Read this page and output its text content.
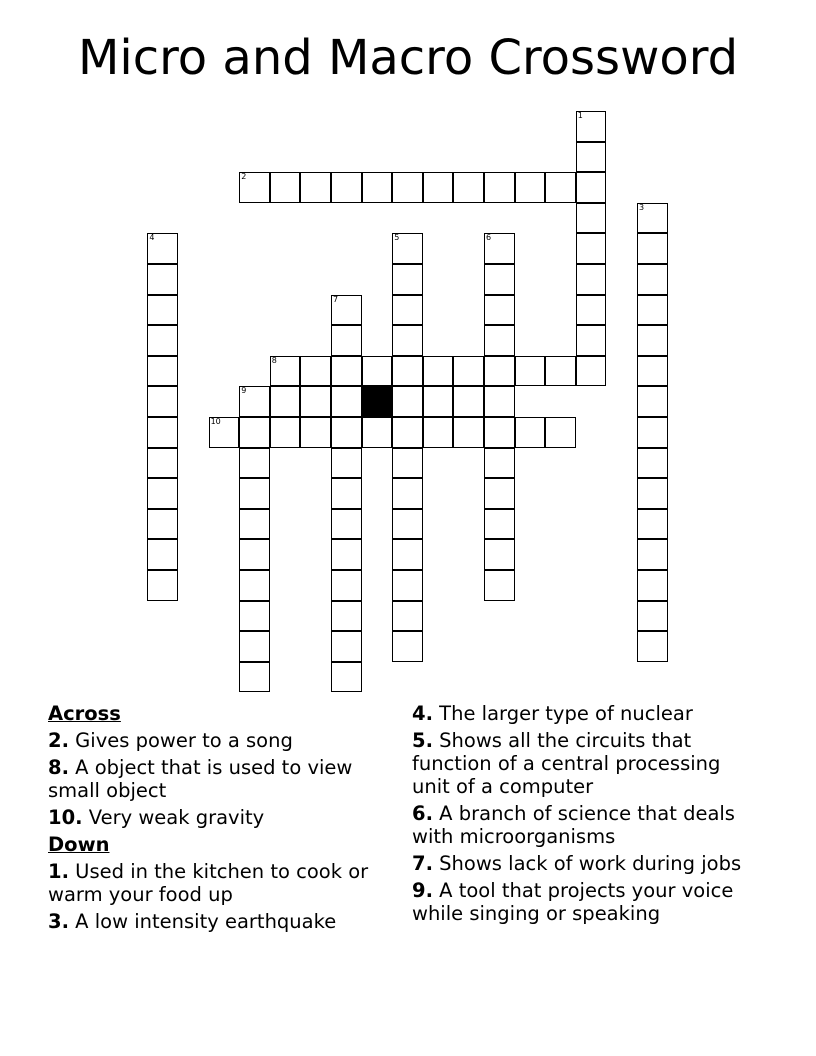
Micro and Macro Crossword
1
2
3
4	5	6
7
8
9
10
Across
2. Gives power to a song
8. A object that is used to view small object
10. Very weak gravity
Down
1. Used in the kitchen to cook or warm your food up
3. A low intensity earthquake
4. The larger type of nuclear
5. Shows all the circuits that function of a central processing unit of a computer
6. A branch of science that deals with microorganisms
7. Shows lack of work during jobs
9. A tool that projects your voice while singing or speaking
